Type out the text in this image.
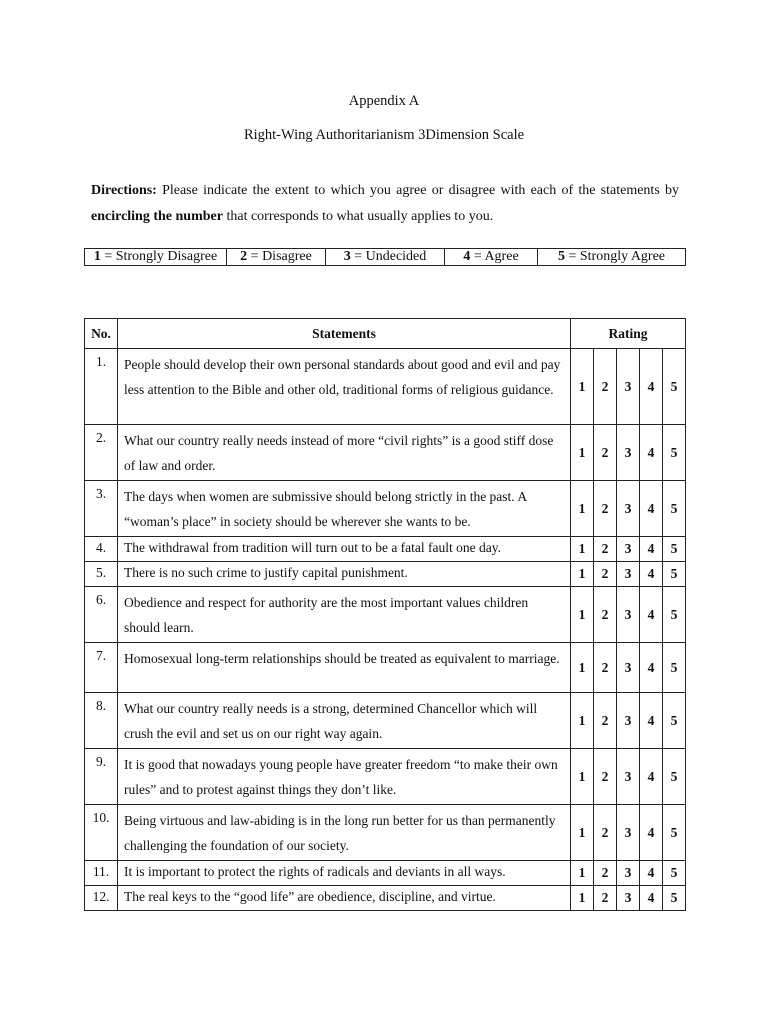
Appendix A
Right-Wing Authoritarianism 3Dimension Scale
Directions: Please indicate the extent to which you agree or disagree with each of the statements by encircling the number that corresponds to what usually applies to you.
1 = Strongly Disagree	2 = Disagree	3 = Undecided	4 = Agree	5 = Strongly Agree
No.	Statements	Rating				
1.	People should develop their own personal standards about good and evil and pay less attention to the Bible and other old, traditional forms of religious guidance.	1	2	3	4	5
2.	What our country really needs instead of more “civil rights” is a good stiff dose of law and order.	1	2	3	4	5
3.	The days when women are submissive should belong strictly in the past. A “woman’s place” in society should be wherever she wants to be.	1	2	3	4	5
4.	The withdrawal from tradition will turn out to be a fatal fault one day.	1	2	3	4	5
5.	There is no such crime to justify capital punishment.	1	2	3	4	5
6.	Obedience and respect for authority are the most important values children should learn.	1	2	3	4	5
7.	Homosexual long-term relationships should be treated as equivalent to marriage.	1	2	3	4	5
8.	What our country really needs is a strong, determined Chancellor which will crush the evil and set us on our right way again.	1	2	3	4	5
9.	It is good that nowadays young people have greater freedom “to make their own rules” and to protest against things they don’t like.	1	2	3	4	5
10.	Being virtuous and law-abiding is in the long run better for us than permanently challenging the foundation of our society.	1	2	3	4	5
11.	It is important to protect the rights of radicals and deviants in all ways.	1	2	3	4	5
12.	The real keys to the “good life” are obedience, discipline, and virtue.	1	2	3	4	5
